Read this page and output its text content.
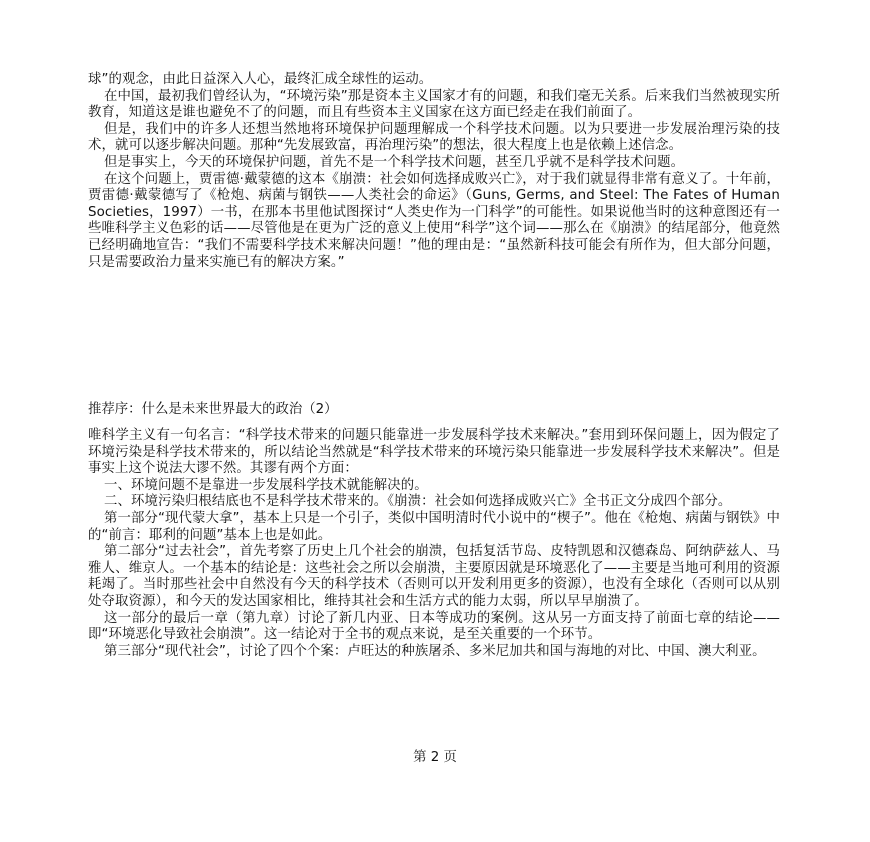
球”的观念，由此日益深入人心，最终汇成全球性的运动。

在中国，最初我们曾经认为，“环境污染”那是资本主义国家才有的问题，和我们毫无关系。后来我们当然被现实所教育，知道这是谁也避免不了的问题，而且有些资本主义国家在这方面已经走在我们前面了。

但是，我们中的许多人还想当然地将环境保护问题理解成一个科学技术问题。以为只要进一步发展治理污染的技术，就可以逐步解决问题。那种“先发展致富，再治理污染”的想法，很大程度上也是依赖上述信念。

但是事实上，今天的环境保护问题，首先不是一个科学技术问题，甚至几乎就不是科学技术问题。

在这个问题上，贾雷德·戴蒙德的这本《崩溃：社会如何选择成败兴亡》，对于我们就显得非常有意义了。十年前，贾雷德·戴蒙德写了《枪炮、病菌与钢铁——人类社会的命运》（Guns, Germs, and Steel: The Fates of Human Societies，1997）一书，在那本书里他试图探讨“人类史作为一门科学”的可能性。如果说他当时的这种意图还有一些唯科学主义色彩的话——尽管他是在更为广泛的意义上使用“科学”这个词——那么在《崩溃》的结尾部分，他竟然已经明确地宣告：“我们不需要科学技术来解决问题！”他的理由是：“虽然新科技可能会有所作为，但大部分问题，只是需要政治力量来实施已有的解决方案。”

推荐序：什么是未来世界最大的政治（2）

唯科学主义有一句名言：“科学技术带来的问题只能靠进一步发展科学技术来解决。”套用到环保问题上，因为假定了环境污染是科学技术带来的，所以结论当然就是“科学技术带来的环境污染只能靠进一步发展科学技术来解决”。但是事实上这个说法大谬不然。其谬有两个方面：

一、环境问题不是靠进一步发展科学技术就能解决的。

二、环境污染归根结底也不是科学技术带来的。《崩溃：社会如何选择成败兴亡》全书正文分成四个部分。

第一部分“现代蒙大拿”，基本上只是一个引子，类似中国明清时代小说中的“楔子”。他在《枪炮、病菌与钢铁》中的“前言：耶利的问题”基本上也是如此。

第二部分“过去社会”，首先考察了历史上几个社会的崩溃，包括复活节岛、皮特凯恩和汉德森岛、阿纳萨兹人、马雅人、维京人。一个基本的结论是：这些社会之所以会崩溃，主要原因就是环境恶化了——主要是当地可利用的资源耗竭了。当时那些社会中自然没有今天的科学技术（否则可以开发利用更多的资源），也没有全球化（否则可以从别处夺取资源），和今天的发达国家相比，维持其社会和生活方式的能力太弱，所以早早崩溃了。

这一部分的最后一章（第九章）讨论了新几内亚、日本等成功的案例。这从另一方面支持了前面七章的结论——即“环境恶化导致社会崩溃”。这一结论对于全书的观点来说，是至关重要的一个环节。

第三部分“现代社会”，讨论了四个个案：卢旺达的种族屠杀、多米尼加共和国与海地的对比、中国、澳大利亚。

第 2 页
